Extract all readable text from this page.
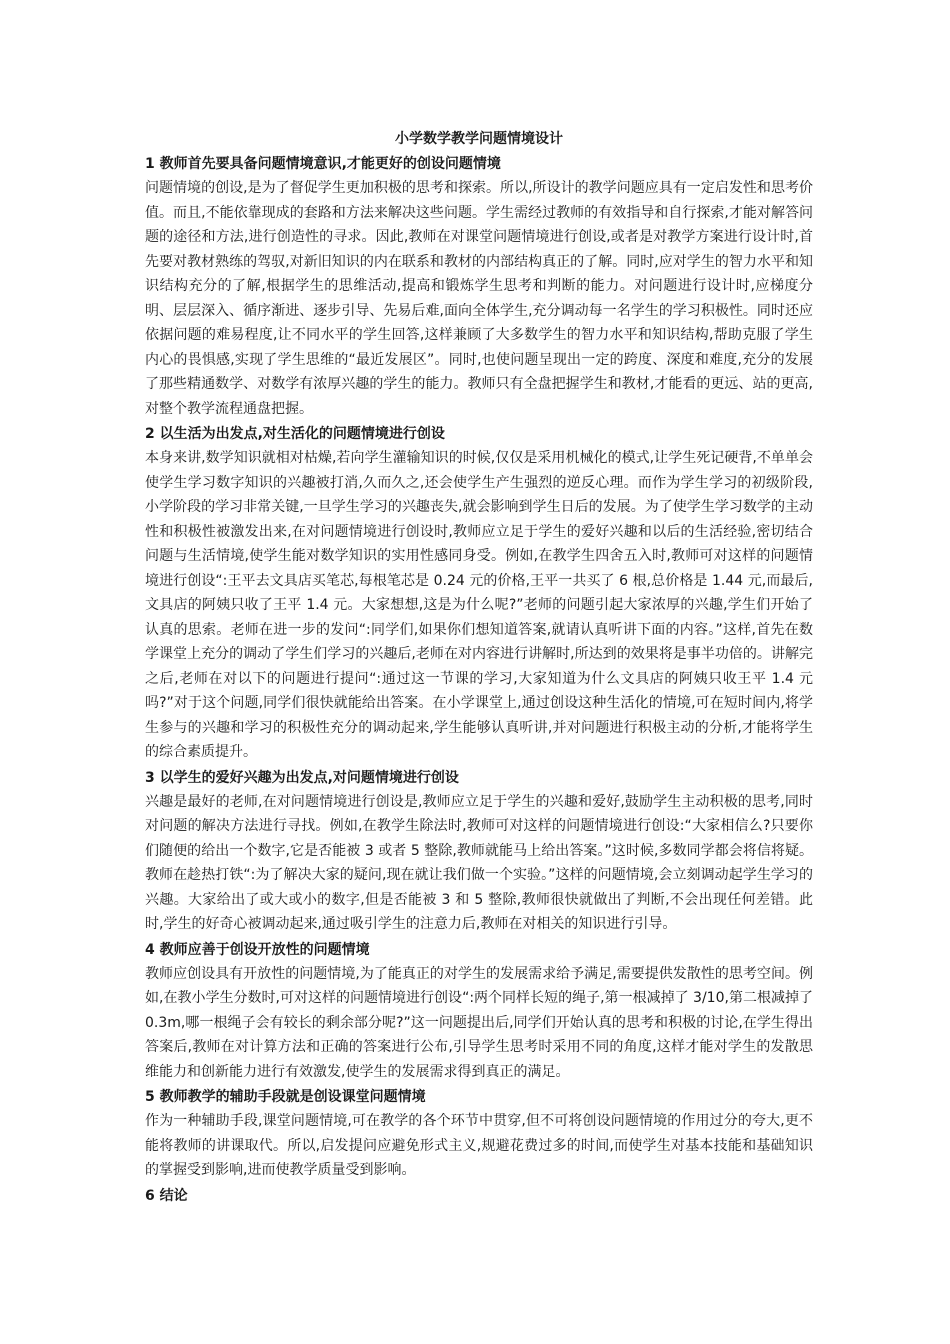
小学数学教学问题情境设计
1 教师首先要具备问题情境意识,才能更好的创设问题情境
问题情境的创设,是为了督促学生更加积极的思考和探索。所以,所设计的教学问题应具有一定启发性和思考价值。而且,不能依靠现成的套路和方法来解决这些问题。学生需经过教师的有效指导和自行探索,才能对解答问题的途径和方法,进行创造性的寻求。因此,教师在对课堂问题情境进行创设,或者是对教学方案进行设计时,首先要对教材熟练的驾驭,对新旧知识的内在联系和教材的内部结构真正的了解。同时,应对学生的智力水平和知识结构充分的了解,根据学生的思维活动,提高和锻炼学生思考和判断的能力。对问题进行设计时,应梯度分明、层层深入、循序渐进、逐步引导、先易后难,面向全体学生,充分调动每一名学生的学习积极性。同时还应依据问题的难易程度,让不同水平的学生回答,这样兼顾了大多数学生的智力水平和知识结构,帮助克服了学生内心的畏惧感,实现了学生思维的“最近发展区”。同时,也使问题呈现出一定的跨度、深度和难度,充分的发展了那些精通数学、对数学有浓厚兴趣的学生的能力。教师只有全盘把握学生和教材,才能看的更远、站的更高,对整个教学流程通盘把握。
2 以生活为出发点,对生活化的问题情境进行创设
本身来讲,数学知识就相对枯燥,若向学生灌输知识的时候,仅仅是采用机械化的模式,让学生死记硬背,不单单会使学生学习数字知识的兴趣被打消,久而久之,还会使学生产生强烈的逆反心理。而作为学生学习的初级阶段,小学阶段的学习非常关键,一旦学生学习的兴趣丧失,就会影响到学生日后的发展。为了使学生学习数学的主动性和积极性被激发出来,在对问题情境进行创设时,教师应立足于学生的爱好兴趣和以后的生活经验,密切结合问题与生活情境,使学生能对数学知识的实用性感同身受。例如,在教学生四舍五入时,教师可对这样的问题情境进行创设“:王平去文具店买笔芯,每根笔芯是 0.24 元的价格,王平一共买了 6 根,总价格是 1.44 元,而最后,文具店的阿姨只收了王平 1.4 元。大家想想,这是为什么呢?”老师的问题引起大家浓厚的兴趣,学生们开始了认真的思索。老师在进一步的发问“:同学们,如果你们想知道答案,就请认真听讲下面的内容。”这样,首先在数学课堂上充分的调动了学生们学习的兴趣后,老师在对内容进行讲解时,所达到的效果将是事半功倍的。讲解完之后,老师在对以下的问题进行提问“:通过这一节课的学习,大家知道为什么文具店的阿姨只收王平 1.4 元吗?”对于这个问题,同学们很快就能给出答案。在小学课堂上,通过创设这种生活化的情境,可在短时间内,将学生参与的兴趣和学习的积极性充分的调动起来,学生能够认真听讲,并对问题进行积极主动的分析,才能将学生的综合素质提升。
3 以学生的爱好兴趣为出发点,对问题情境进行创设
兴趣是最好的老师,在对问题情境进行创设是,教师应立足于学生的兴趣和爱好,鼓励学生主动积极的思考,同时对问题的解决方法进行寻找。例如,在教学生除法时,教师可对这样的问题情境进行创设:“大家相信么?只要你们随便的给出一个数字,它是否能被 3 或者 5 整除,教师就能马上给出答案。”这时候,多数同学都会将信将疑。教师在趁热打铁“:为了解决大家的疑问,现在就让我们做一个实验。”这样的问题情境,会立刻调动起学生学习的兴趣。大家给出了或大或小的数字,但是否能被 3 和 5 整除,教师很快就做出了判断,不会出现任何差错。此时,学生的好奇心被调动起来,通过吸引学生的注意力后,教师在对相关的知识进行引导。
4 教师应善于创设开放性的问题情境
教师应创设具有开放性的问题情境,为了能真正的对学生的发展需求给予满足,需要提供发散性的思考空间。例如,在教小学生分数时,可对这样的问题情境进行创设“:两个同样长短的绳子,第一根减掉了 3/10,第二根减掉了 0.3m,哪一根绳子会有较长的剩余部分呢?”这一问题提出后,同学们开始认真的思考和积极的讨论,在学生得出答案后,教师在对计算方法和正确的答案进行公布,引导学生思考时采用不同的角度,这样才能对学生的发散思维能力和创新能力进行有效激发,使学生的发展需求得到真正的满足。
5 教师教学的辅助手段就是创设课堂问题情境
作为一种辅助手段,课堂问题情境,可在教学的各个环节中贯穿,但不可将创设问题情境的作用过分的夸大,更不能将教师的讲课取代。所以,启发提问应避免形式主义,规避花费过多的时间,而使学生对基本技能和基础知识的掌握受到影响,进而使教学质量受到影响。
6 结论
